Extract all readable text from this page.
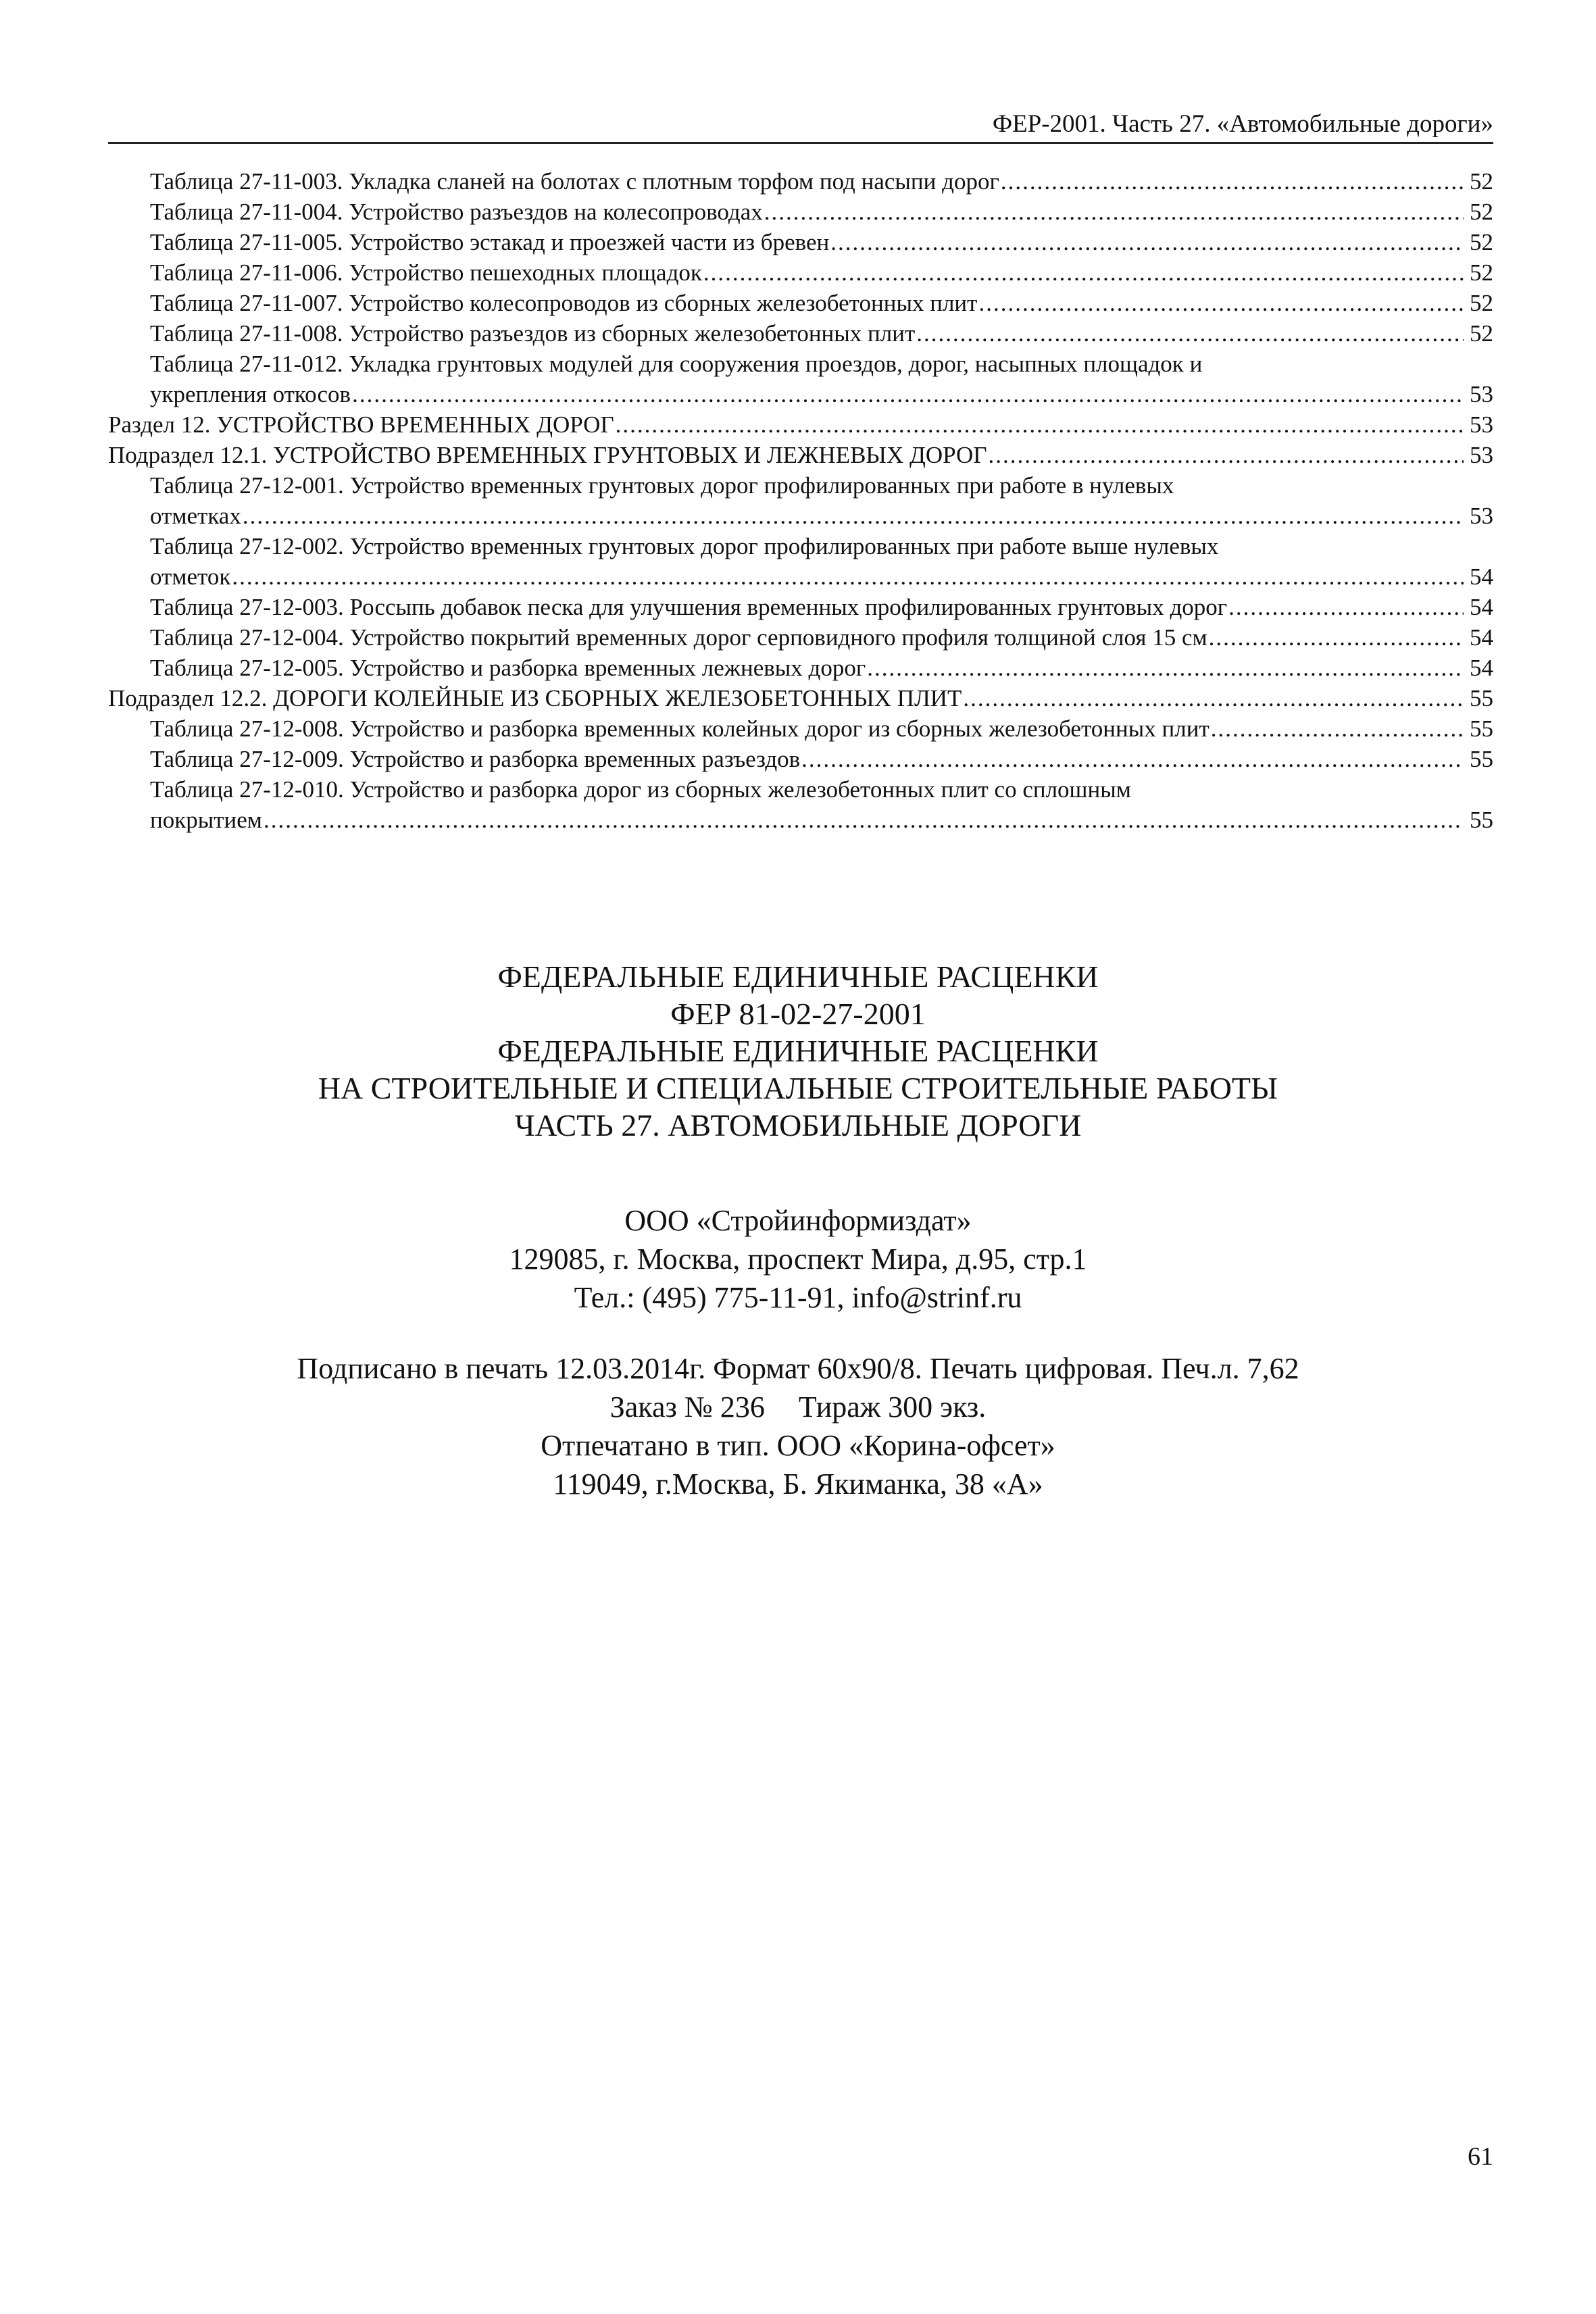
ФЕР-2001. Часть 27. «Автомобильные дороги»
Таблица 27-11-003. Укладка сланей на болотах с плотным торфом под насыпи дорог .....	52
Таблица 27-11-004. Устройство разъездов на колесопроводах .....	52
Таблица 27-11-005. Устройство эстакад и проезжей части из бревен .....	52
Таблица 27-11-006. Устройство пешеходных площадок .....	52
Таблица 27-11-007. Устройство колесопроводов из сборных железобетонных плит .....	52
Таблица 27-11-008. Устройство разъездов из сборных железобетонных плит .....	52
Таблица 27-11-012. Укладка грунтовых модулей для сооружения проездов, дорог, насыпных площадок и
укрепления откосов .....	53
Раздел 12. УСТРОЙСТВО ВРЕМЕННЫХ ДОРОГ .....	53
Подраздел 12.1. УСТРОЙСТВО ВРЕМЕННЫХ ГРУНТОВЫХ И ЛЕЖНЕВЫХ ДОРОГ .....	53
Таблица 27-12-001. Устройство временных грунтовых дорог профилированных при работе в нулевых
отметках .....	53
Таблица 27-12-002. Устройство временных грунтовых дорог профилированных при работе выше нулевых
отметок .....	54
Таблица 27-12-003. Россыпь добавок песка для улучшения временных профилированных грунтовых дорог .....	54
Таблица 27-12-004. Устройство покрытий временных дорог серповидного профиля толщиной слоя 15 см .....	54
Таблица 27-12-005. Устройство и разборка временных лежневых дорог .....	54
Подраздел 12.2. ДОРОГИ КОЛЕЙНЫЕ ИЗ СБОРНЫХ ЖЕЛЕЗОБЕТОННЫХ ПЛИТ .....	55
Таблица 27-12-008. Устройство и разборка временных колейных дорог из сборных железобетонных плит .....	55
Таблица 27-12-009. Устройство и разборка временных разъездов .....	55
Таблица 27-12-010. Устройство и разборка дорог из сборных железобетонных плит со сплошным
покрытием .....	55
ФЕДЕРАЛЬНЫЕ ЕДИНИЧНЫЕ РАСЦЕНКИ
ФЕР 81-02-27-2001
ФЕДЕРАЛЬНЫЕ ЕДИНИЧНЫЕ РАСЦЕНКИ
НА СТРОИТЕЛЬНЫЕ И СПЕЦИАЛЬНЫЕ СТРОИТЕЛЬНЫЕ РАБОТЫ
ЧАСТЬ 27. АВТОМОБИЛЬНЫЕ ДОРОГИ
ООО «Стройинформиздат»
129085, г. Москва, проспект Мира, д.95, стр.1
Тел.: (495) 775-11-91, info@strinf.ru
Подписано в печать 12.03.2014г. Формат 60х90/8. Печать цифровая. Печ.л. 7,62
Заказ № 236 Тираж 300 экз.
Отпечатано в тип. ООО «Корина-офсет»
119049, г.Москва, Б. Якиманка, 38 «А»
61
